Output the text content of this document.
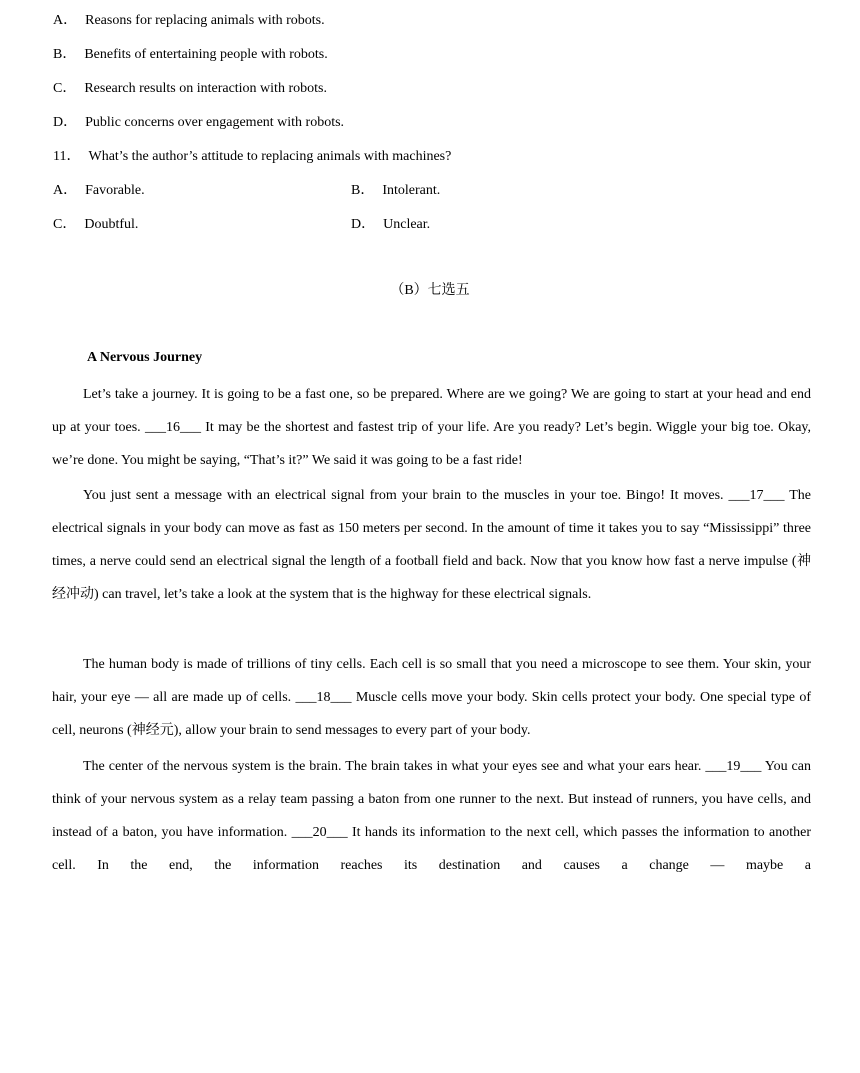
A． Reasons for replacing animals with robots.
B． Benefits of entertaining people with robots.
C． Research results on interaction with robots.
D． Public concerns over engagement with robots.
11． What’s the author’s attitude to replacing animals with machines?
A． Favorable.	B． Intolerant.
C． Doubtful.	D． Unclear.
（B）七选五
A Nervous Journey

Let’s take a journey. It is going to be a fast one, so be prepared. Where are we going? We are going to start at your head and end up at your toes. ___16___ It may be the shortest and fastest trip of your life. Are you ready? Let’s begin. Wiggle your big toe. Okay, we’re done. You might be saying, “That’s it?” We said it was going to be a fast ride!

You just sent a message with an electrical signal from your brain to the muscles in your toe. Bingo! It moves. ___17___ The electrical signals in your body can move as fast as 150 meters per second. In the amount of time it takes you to say “Mississippi” three times, a nerve could send an electrical signal the length of a football field and back. Now that you know how fast a nerve impulse (神经冲动) can travel, let’s take a look at the system that is the highway for these electrical signals.

The human body is made of trillions of tiny cells. Each cell is so small that you need a microscope to see them. Your skin, your hair, your eye — all are made up of cells. ___18___ Muscle cells move your body. Skin cells protect your body. One special type of cell, neurons (神经元), allow your brain to send messages to every part of your body.

The center of the nervous system is the brain. The brain takes in what your eyes see and what your ears hear. ___19___ You can think of your nervous system as a relay team passing a baton from one runner to the next. But instead of runners, you have cells, and instead of a baton, you have information. ___20___ It hands its information to the next cell, which passes the information to another cell. In the end, the information reaches its destination and causes a change — maybe a
